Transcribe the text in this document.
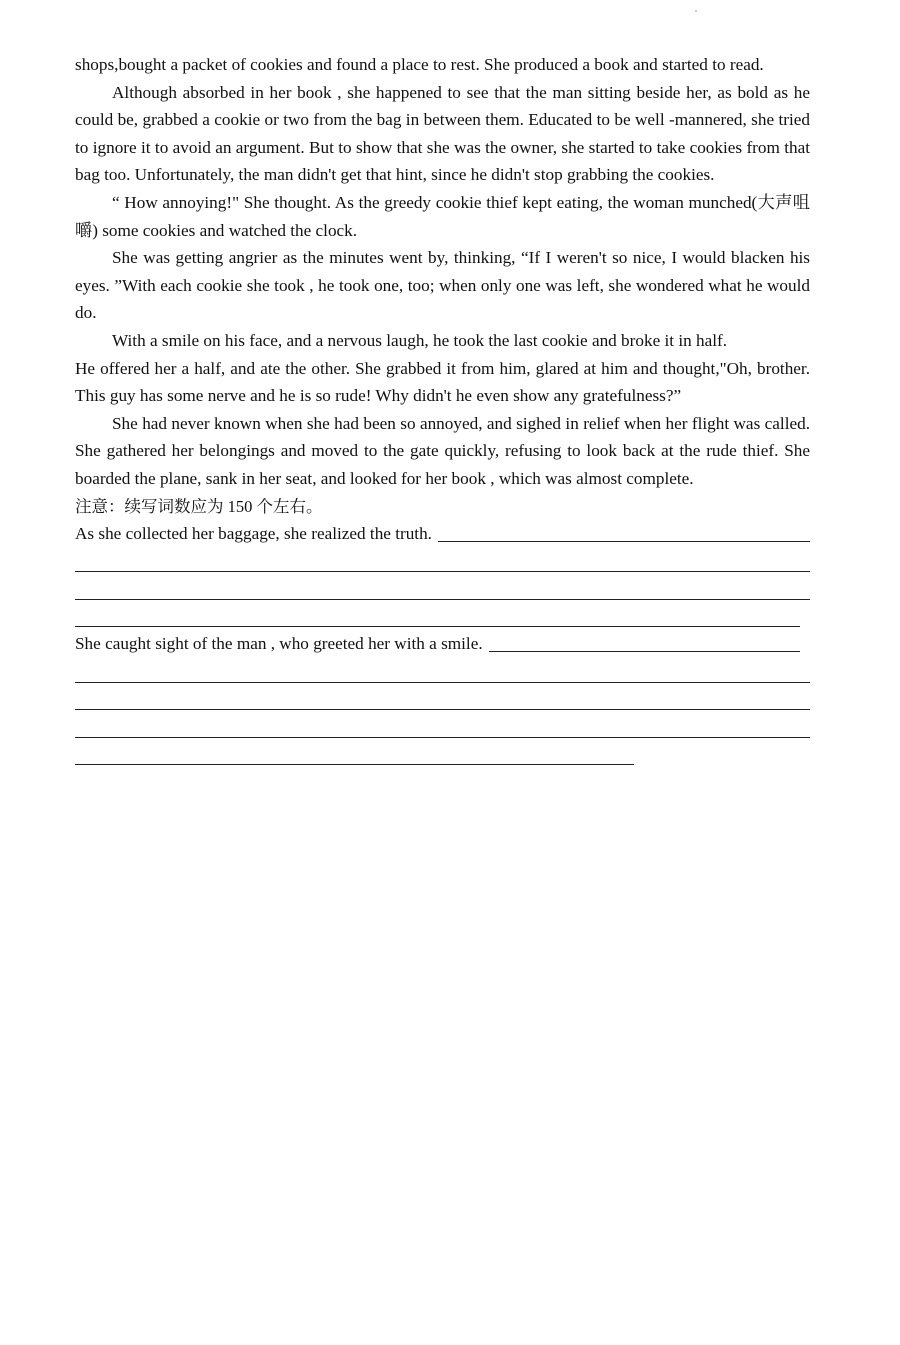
shops,bought a packet of cookies and found a place to rest. She produced a book and started to read.

Although absorbed in her book , she happened to see that the man sitting beside her, as bold as he could be, grabbed a cookie or two from the bag in between them. Educated to be well -mannered, she tried to ignore it to avoid an argument. But to show that she was the owner, she started to take cookies from that bag too. Unfortunately, the man didn't get that hint, since he didn't stop grabbing the cookies.

“ How annoying!" She thought. As the greedy cookie thief kept eating, the woman munched(大声咀嚼) some cookies and watched the clock.

She was getting angrier as the minutes went by, thinking, “If I weren't so nice, I would blacken his eyes. ”With each cookie she took , he took one, too; when only one was left, she wondered what he would do.

With a smile on his face, and a nervous laugh, he took the last cookie and broke it in half.

He offered her a half, and ate the other. She grabbed it from him, glared at him and thought,"Oh, brother. This guy has some nerve and he is so rude! Why didn't he even show any gratefulness?”

She had never known when she had been so annoyed, and sighed in relief when her flight was called. She gathered her belongings and moved to the gate quickly, refusing to look back at the rude thief. She boarded the plane, sank in her seat, and looked for her book , which was almost complete.

注意：续写词数应为 150 个左右。

As she collected her baggage, she realized the truth.
She caught sight of the man , who greeted her with a smile.
